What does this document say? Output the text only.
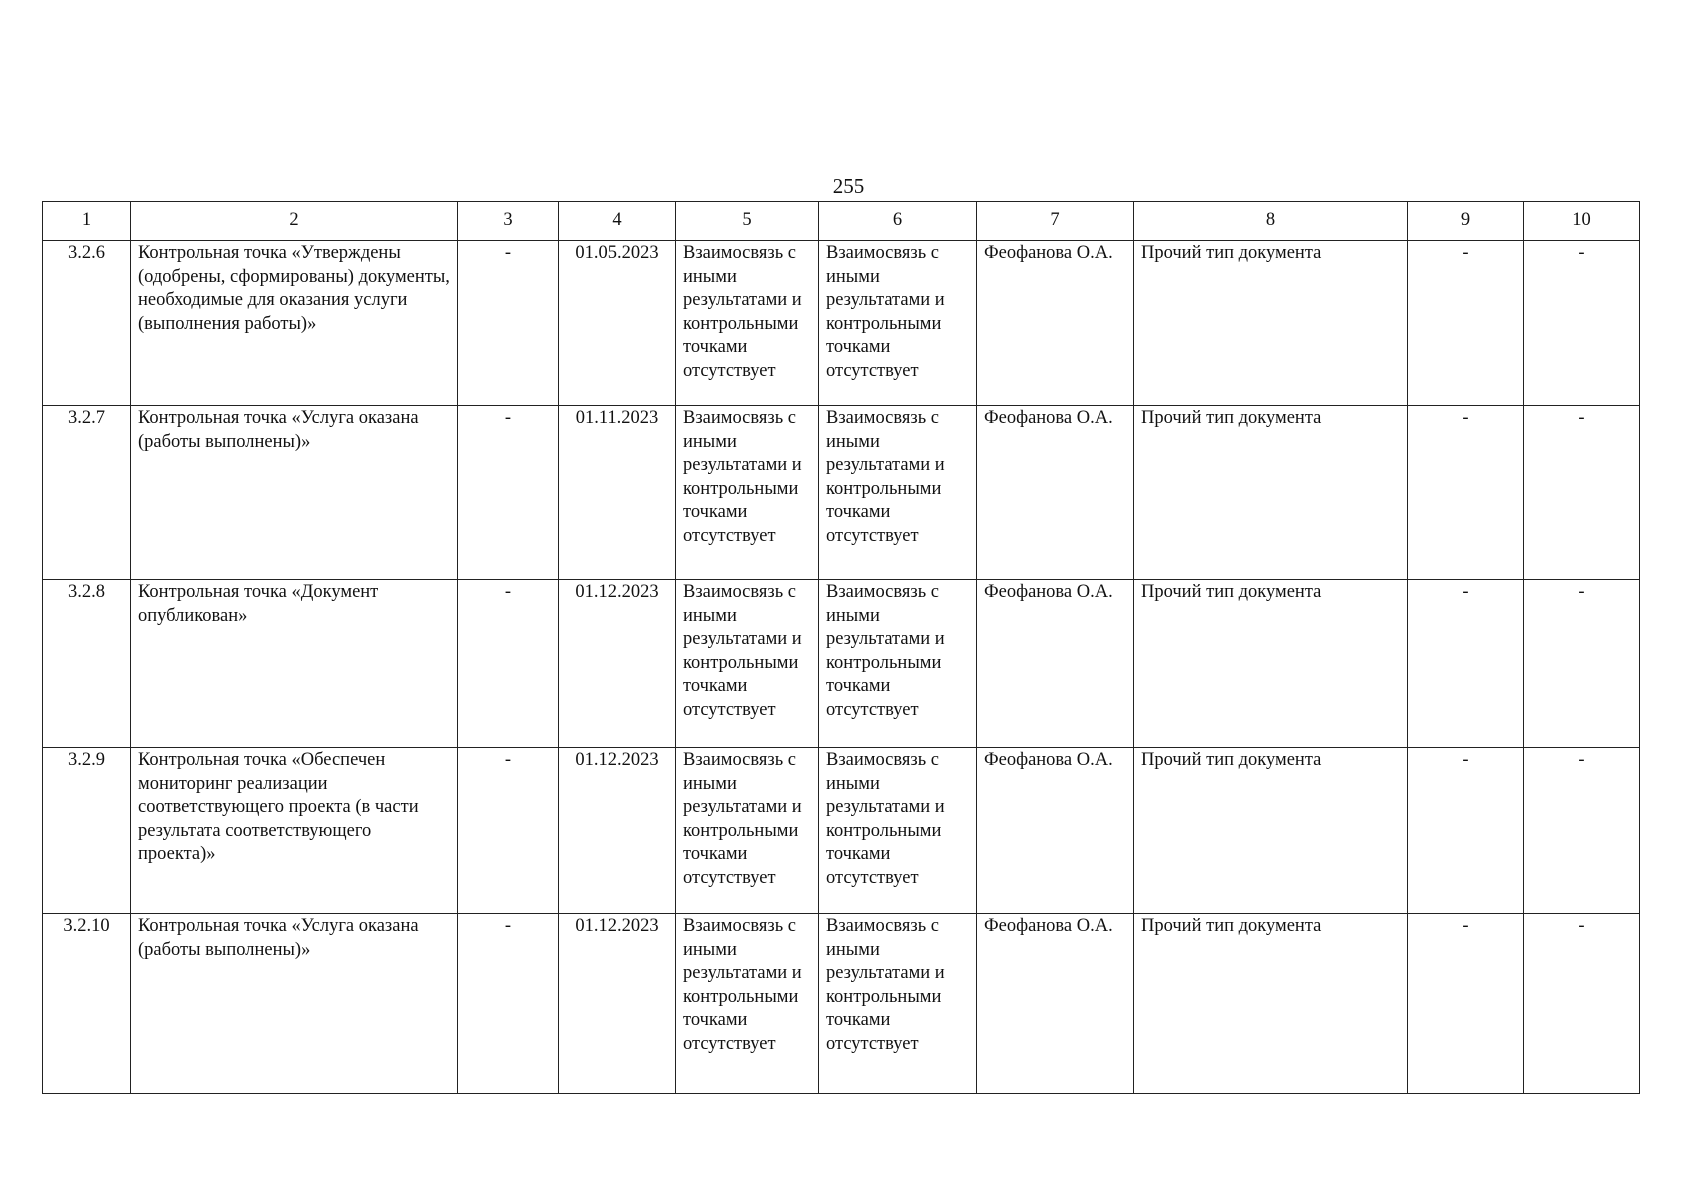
255
1	2	3	4	5	6	7	8	9	10
3.2.6	Контрольная точка «Утверждены (одобрены, сформированы) документы, необходимые для оказания услуги (выполнения работы)»	-	01.05.2023	Взаимосвязь с иными результатами и контрольными точками отсутствует	Взаимосвязь с иными результатами и контрольными точками отсутствует	Феофанова О.А.	Прочий тип документа	-	-
3.2.7	Контрольная точка «Услуга оказана (работы выполнены)»	-	01.11.2023	Взаимосвязь с иными результатами и контрольными точками отсутствует	Взаимосвязь с иными результатами и контрольными точками отсутствует	Феофанова О.А.	Прочий тип документа	-	-
3.2.8	Контрольная точка «Документ опубликован»	-	01.12.2023	Взаимосвязь с иными результатами и контрольными точками отсутствует	Взаимосвязь с иными результатами и контрольными точками отсутствует	Феофанова О.А.	Прочий тип документа	-	-
3.2.9	Контрольная точка «Обеспечен мониторинг реализации соответствующего проекта (в части результата соответствующего проекта)»	-	01.12.2023	Взаимосвязь с иными результатами и контрольными точками отсутствует	Взаимосвязь с иными результатами и контрольными точками отсутствует	Феофанова О.А.	Прочий тип документа	-	-
3.2.10	Контрольная точка «Услуга оказана (работы выполнены)»	-	01.12.2023	Взаимосвязь с иными результатами и контрольными точками отсутствует	Взаимосвязь с иными результатами и контрольными точками отсутствует	Феофанова О.А.	Прочий тип документа	-	-
